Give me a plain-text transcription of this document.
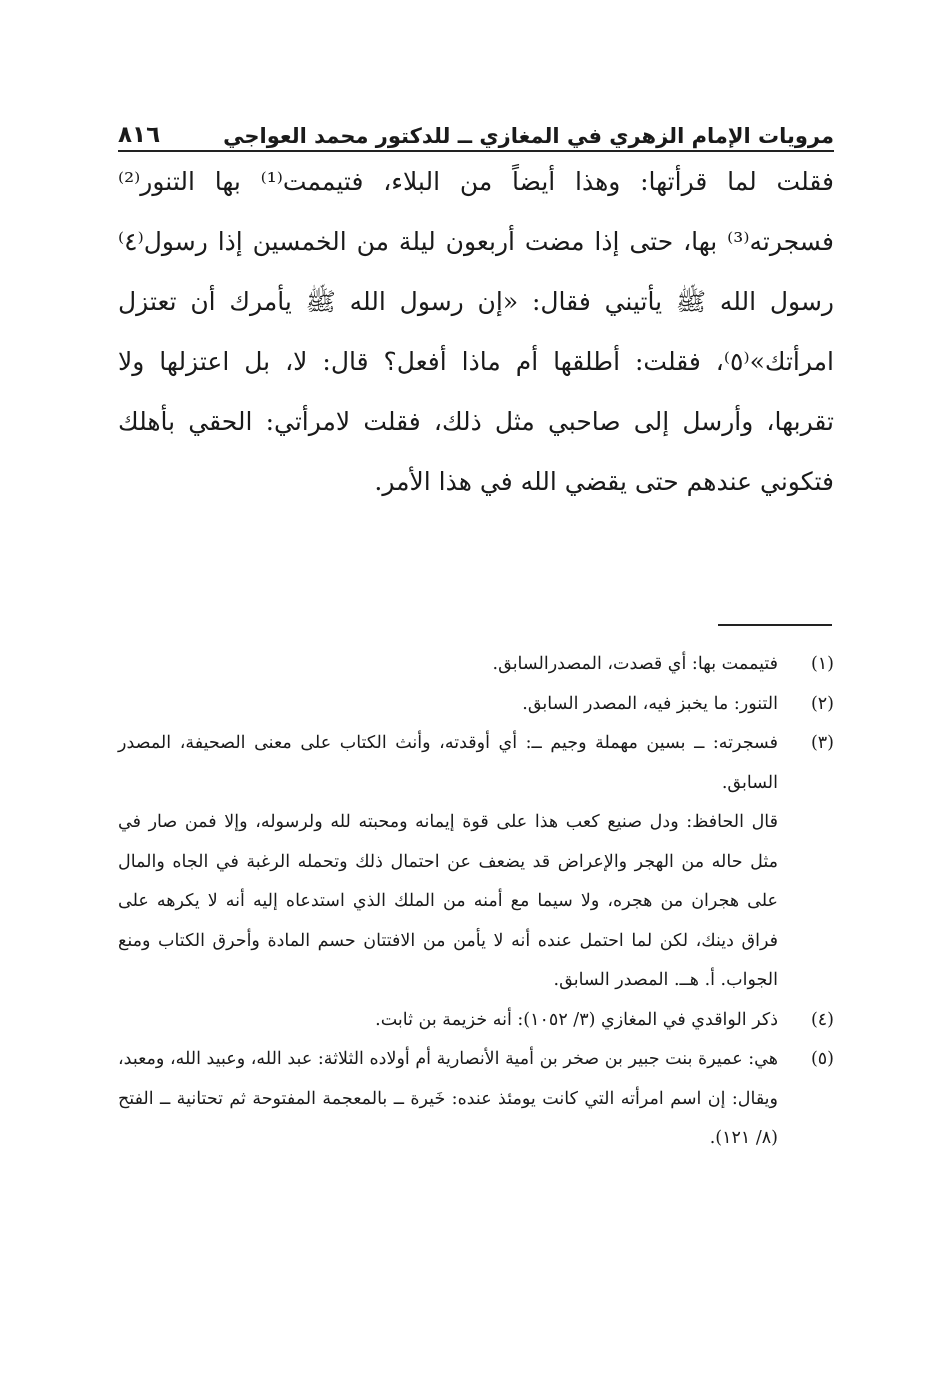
مرويات الإمام الزهري في المغازي ــ للدكتور محمد العواجي
٨١٦

فقلت لما قرأتها: وهذا أيضاً من البلاء، فتيممت⁽¹⁾ بها التنور⁽²⁾ فسجرته⁽³⁾ بها، حتى إذا مضت أربعون ليلة من الخمسين إذا رسول⁽٤⁾ رسول الله ﷺ يأتيني فقال: «إن رسول الله ﷺ يأمرك أن تعتزل امرأتك»⁽٥⁾، فقلت: أطلقها أم ماذا أفعل؟ قال: لا، بل اعتزلها ولا تقربها، وأرسل إلى صاحبي مثل ذلك، فقلت لامرأتي: الحقي بأهلك فتكوني عندهم حتى يقضي الله في هذا الأمر.

(١)

فتيممت بها: أي قصدت، المصدرالسابق.

(٢)

التنور: ما يخبز فيه، المصدر السابق.

(٣)

فسجرته: ــ بسين مهملة وجيم ــ: أي أوقدته، وأنث الكتاب على معنى الصحيفة، المصدر السابق.

قال الحافظ: ودل صنيع كعب هذا على قوة إيمانه ومحبته لله ولرسوله، وإلا فمن صار في مثل حاله من الهجر والإعراض قد يضعف عن احتمال ذلك وتحمله الرغبة في الجاه والمال على هجران من هجره، ولا سيما مع أمنه من الملك الذي استدعاه إليه أنه لا يكرهه على فراق دينك، لكن لما احتمل عنده أنه لا يأمن من الافتتان حسم المادة وأحرق الكتاب ومنع الجواب. أ. هــ. المصدر السابق.

(٤)

ذكر الواقدي في المغازي (٣/ ١٠٥٢): أنه خزيمة بن ثابت.

(٥)

هي: عميرة بنت جبير بن صخر بن أمية الأنصارية أم أولاده الثلاثة: عبد الله، وعبيد الله، ومعبد، ويقال: إن اسم امرأته التي كانت يومئذ عنده: خَيرة ــ بالمعجمة المفتوحة ثم تحتانية ــ الفتح (٨/ ١٢١).
